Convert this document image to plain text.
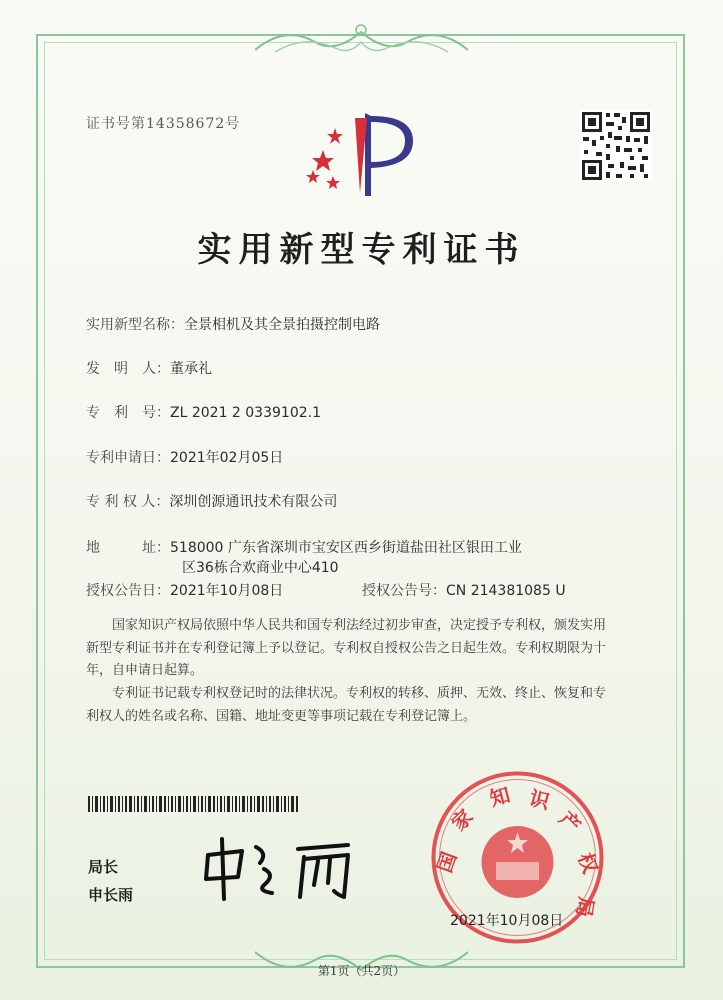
证书号第14358672号
实用新型专利证书
实用新型名称：全景相机及其全景拍摄控制电路
发　明　人：董承礼
专　利　号：ZL 2021 2 0339102.1
专利申请日：2021年02月05日
专 利 权 人：深圳创源通讯技术有限公司
地　　　址：518000 广东省深圳市宝安区西乡街道盐田社区银田工业
区36栋合欢商业中心410
授权公告日：2021年10月08日	授权公告号：CN 214381085 U
国家知识产权局依照中华人民共和国专利法经过初步审查，决定授予专利权，颁发实用
新型专利证书并在专利登记簿上予以登记。专利权自授权公告之日起生效。专利权期限为十
年，自申请日起算。
专利证书记载专利权登记时的法律状况。专利权的转移、质押、无效、终止、恢复和专
利权人的姓名或名称、国籍、地址变更等事项记载在专利登记簿上。
局长
申长雨
国
家
知 识
产
权
局
2021年10月08日
第1页（共2页）
